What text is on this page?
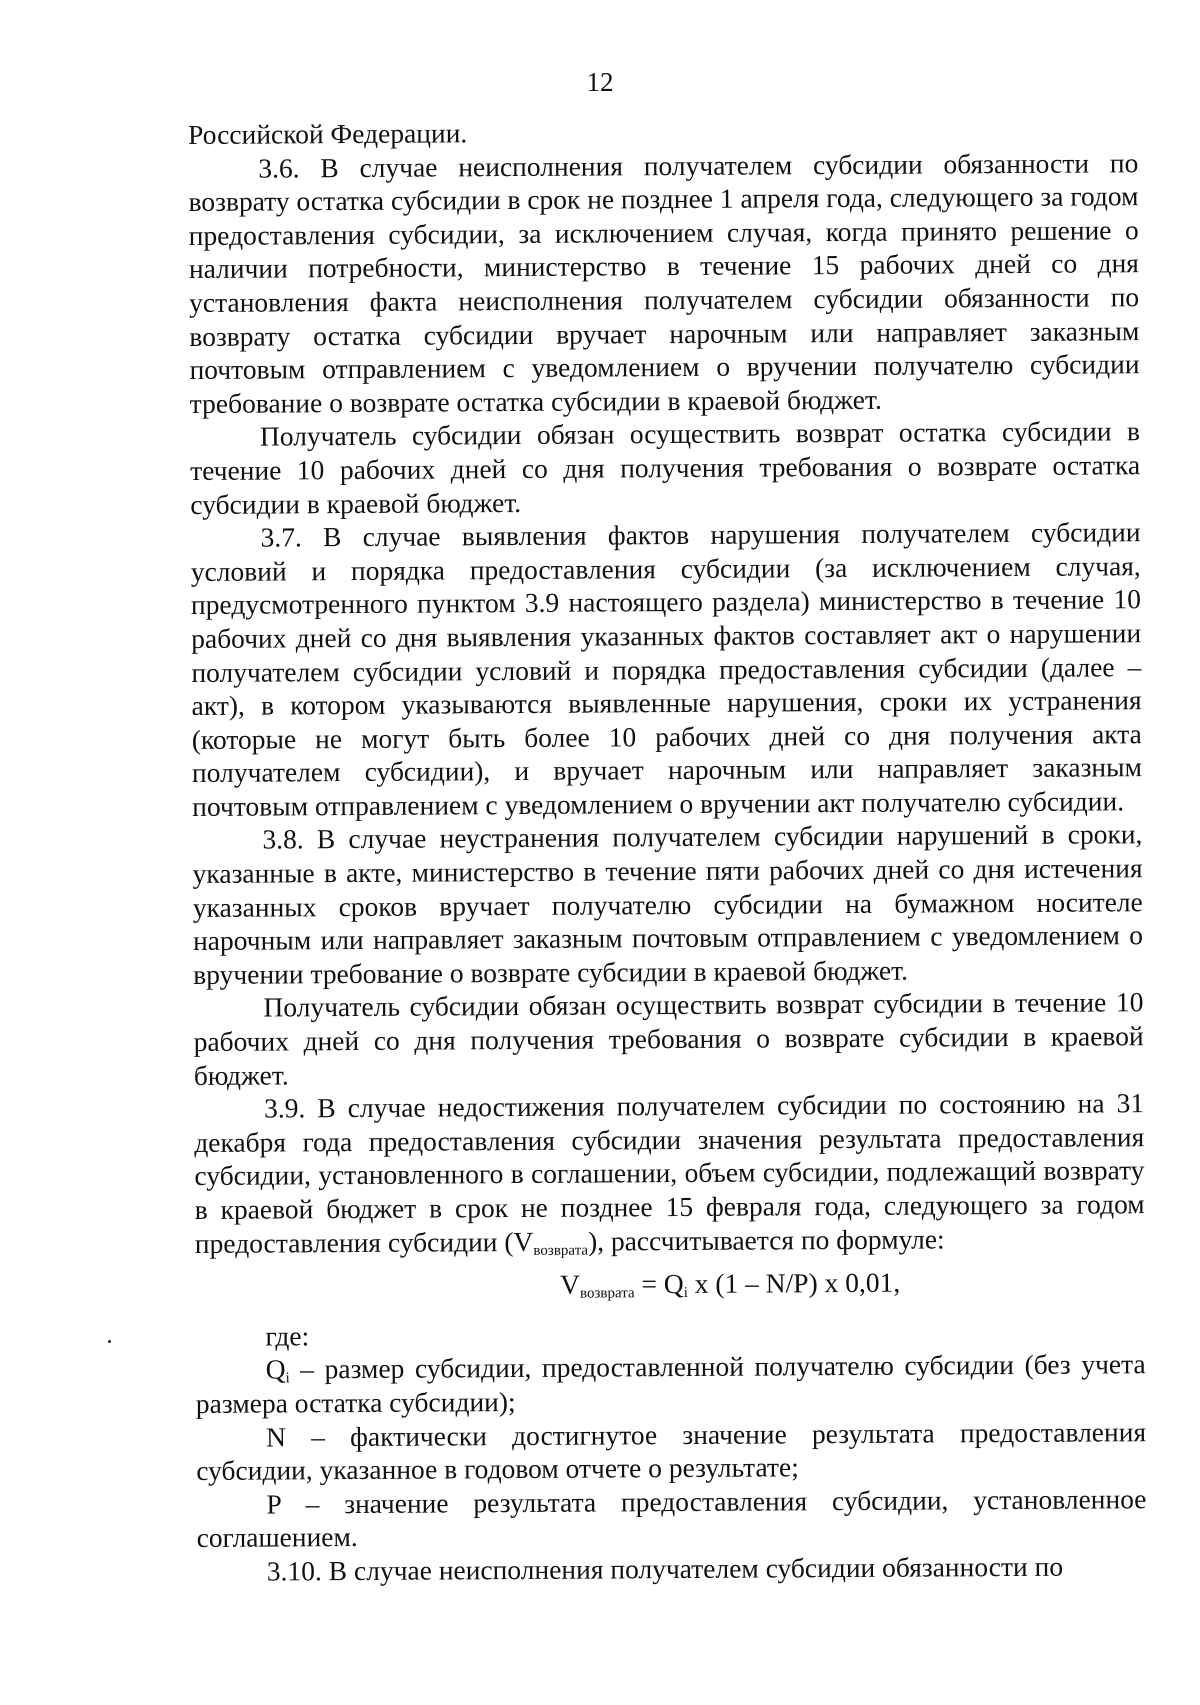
12

Российской Федерации.

3.6. В случае неисполнения получателем субсидии обязанности по возврату остатка субсидии в срок не позднее 1 апреля года, следующего за годом предоставления субсидии, за исключением случая, когда принято решение о наличии потребности, министерство в течение 15 рабочих дней со дня установления факта неисполнения получателем субсидии обязанности по возврату остатка субсидии вручает нарочным или направляет заказным почтовым отправлением с уведомлением о вручении получателю субсидии требование о возврате остатка субсидии в краевой бюджет.

Получатель субсидии обязан осуществить возврат остатка субсидии в течение 10 рабочих дней со дня получения требования о возврате остатка субсидии в краевой бюджет.

3.7. В случае выявления фактов нарушения получателем субсидии условий и порядка предоставления субсидии (за исключением случая, предусмотренного пунктом 3.9 настоящего раздела) министерство в течение 10 рабочих дней со дня выявления указанных фактов составляет акт о нарушении получателем субсидии условий и порядка предоставления субсидии (далее – акт), в котором указываются выявленные нарушения, сроки их устранения (которые не могут быть более 10 рабочих дней со дня получения акта получателем субсидии), и вручает нарочным или направляет заказным почтовым отправлением с уведомлением о вручении акт получателю субсидии.

3.8. В случае неустранения получателем субсидии нарушений в сроки, указанные в акте, министерство в течение пяти рабочих дней со дня истечения указанных сроков вручает получателю субсидии на бумажном носителе нарочным или направляет заказным почтовым отправлением с уведомлением о вручении требование о возврате субсидии в краевой бюджет.

Получатель субсидии обязан осуществить возврат субсидии в течение 10 рабочих дней со дня получения требования о возврате субсидии в краевой бюджет.

3.9. В случае недостижения получателем субсидии по состоянию на 31 декабря года предоставления субсидии значения результата предоставления субсидии, установленного в соглашении, объем субсидии, подлежащий возврату в краевой бюджет в срок не позднее 15 февраля года, следующего за годом предоставления субсидии $(V_{возврата})$, рассчитывается по формуле:

$V_{возврата} = Q_i$ x (1 – N/P) x 0,01,

где:

$Q_i$ – размер субсидии, предоставленной получателю субсидии (без учета размера остатка субсидии);

N – фактически достигнутое значение результата предоставления субсидии, указанное в годовом отчете о результате;

P – значение результата предоставления субсидии, установленное соглашением.

3.10. В случае неисполнения получателем субсидии обязанности по
